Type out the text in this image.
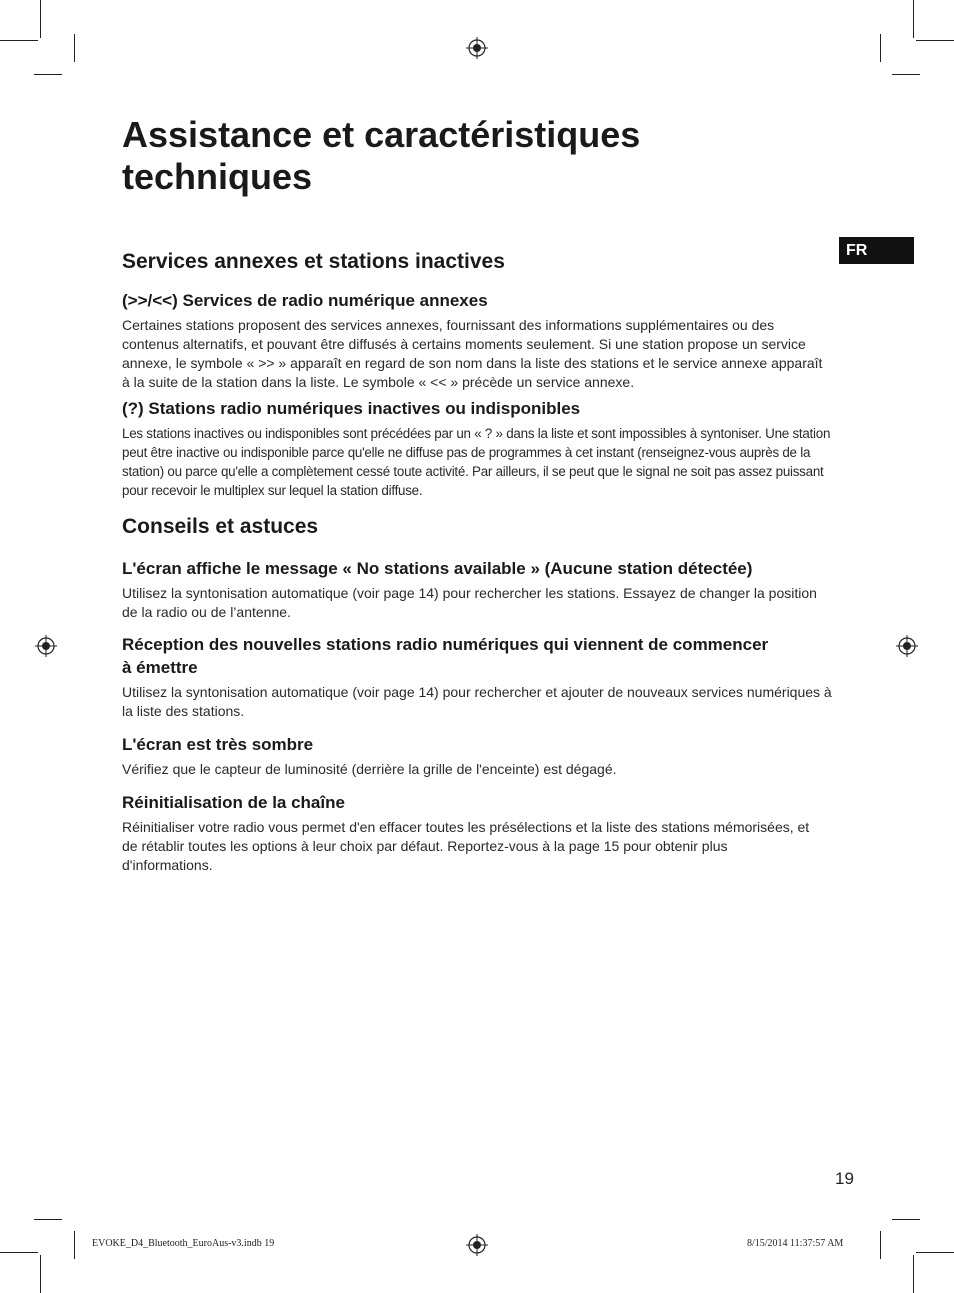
Assistance et caractéristiques techniques
FR
Services annexes et stations inactives
(>>/<<) Services de radio numérique annexes

Certaines stations proposent des services annexes, fournissant des informations supplémentaires ou des contenus alternatifs, et pouvant être diffusés à certains moments seulement. Si une station propose un service annexe, le symbole « >> » apparaît en regard de son nom dans la liste des stations et le service annexe apparaît à la suite de la station dans la liste. Le symbole « << » précède un service annexe.

(?) Stations radio numériques inactives ou indisponibles

Les stations inactives ou indisponibles sont précédées par un « ? » dans la liste et sont impossibles à syntoniser. Une station peut être inactive ou indisponible parce qu'elle ne diffuse pas de programmes à cet instant (renseignez-vous auprès de la station) ou parce qu'elle a complètement cessé toute activité. Par ailleurs, il se peut que le signal ne soit pas assez puissant pour recevoir le multiplex sur lequel la station diffuse.

Conseils et astuces
L'écran affiche le message « No stations available » (Aucune station détectée)

Utilisez la syntonisation automatique (voir page 14) pour rechercher les stations. Essayez de changer la position de la radio ou de l’antenne.

Réception des nouvelles stations radio numériques qui viennent de commencer à émettre

Utilisez la syntonisation automatique (voir page 14) pour rechercher et ajouter de nouveaux services numériques à la liste des stations.

L'écran est très sombre

Vérifiez que le capteur de luminosité (derrière la grille de l'enceinte) est dégagé.

Réinitialisation de la chaîne

Réinitialiser votre radio vous permet d'en effacer toutes les présélections et la liste des stations mémorisées, et de rétablir toutes les options à leur choix par défaut. Reportez-vous à la page 15 pour obtenir plus d'informations.

19
EVOKE_D4_Bluetooth_EuroAus-v3.indb 19	8/15/2014 11:37:57 AM
